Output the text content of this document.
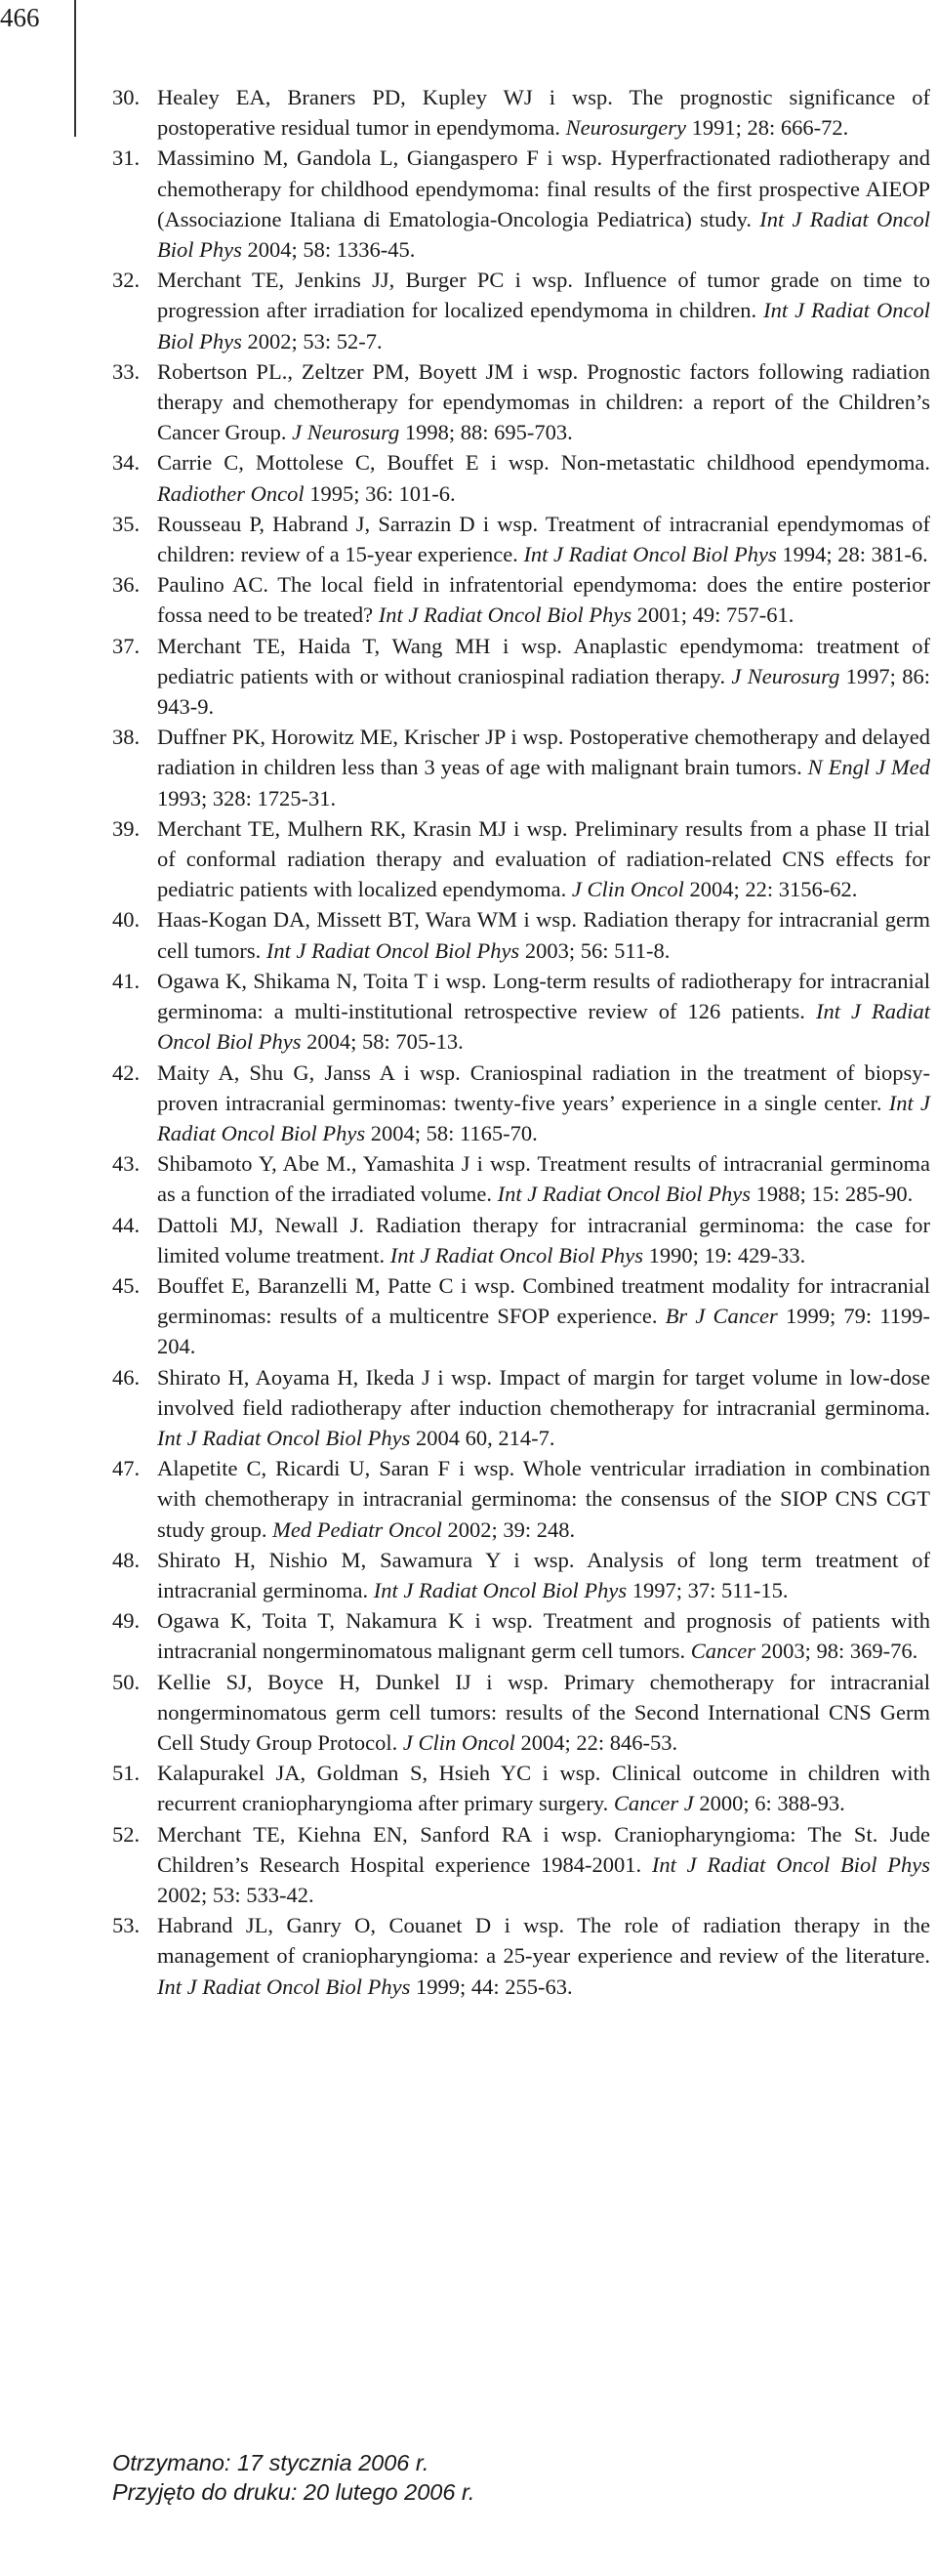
466
30. Healey EA, Braners PD, Kupley WJ i wsp. The prognostic significance of postoperative residual tumor in ependymoma. Neurosurgery 1991; 28: 666-72.
31. Massimino M, Gandola L, Giangaspero F i wsp. Hyperfractionated radiotherapy and chemotherapy for childhood ependymoma: final results of the first prospective AIEOP (Associazione Italiana di Ematologia-Oncologia Pediatrica) study. Int J Radiat Oncol Biol Phys 2004; 58: 1336-45.
32. Merchant TE, Jenkins JJ, Burger PC i wsp. Influence of tumor grade on time to progression after irradiation for localized ependymoma in children. Int J Radiat Oncol Biol Phys 2002; 53: 52-7.
33. Robertson PL., Zeltzer PM, Boyett JM i wsp. Prognostic factors following radiation therapy and chemotherapy for ependymomas in children: a report of the Children’s Cancer Group. J Neurosurg 1998; 88: 695-703.
34. Carrie C, Mottolese C, Bouffet E i wsp. Non-metastatic childhood ependymoma. Radiother Oncol 1995; 36: 101-6.
35. Rousseau P, Habrand J, Sarrazin D i wsp. Treatment of intracranial ependymomas of children: review of a 15-year experience. Int J Radiat Oncol Biol Phys 1994; 28: 381-6.
36. Paulino AC. The local field in infratentorial ependymoma: does the entire posterior fossa need to be treated? Int J Radiat Oncol Biol Phys 2001; 49: 757-61.
37. Merchant TE, Haida T, Wang MH i wsp. Anaplastic ependymoma: treatment of pediatric patients with or without craniospinal radiation therapy. J Neurosurg 1997; 86: 943-9.
38. Duffner PK, Horowitz ME, Krischer JP i wsp. Postoperative chemotherapy and delayed radiation in children less than 3 yeas of age with malignant brain tumors. N Engl J Med 1993; 328: 1725-31.
39. Merchant TE, Mulhern RK, Krasin MJ i wsp. Preliminary results from a phase II trial of conformal radiation therapy and evaluation of radiation-related CNS effects for pediatric patients with localized ependymoma. J Clin Oncol 2004; 22: 3156-62.
40. Haas-Kogan DA, Missett BT, Wara WM i wsp. Radiation therapy for intracranial germ cell tumors. Int J Radiat Oncol Biol Phys 2003; 56: 511-8.
41. Ogawa K, Shikama N, Toita T i wsp. Long-term results of radiotherapy for intracranial germinoma: a multi-institutional retrospective review of 126 patients. Int J Radiat Oncol Biol Phys 2004; 58: 705-13.
42. Maity A, Shu G, Janss A i wsp. Craniospinal radiation in the treatment of biopsy-proven intracranial germinomas: twenty-five years’ experience in a single center. Int J Radiat Oncol Biol Phys 2004; 58: 1165-70.
43. Shibamoto Y, Abe M., Yamashita J i wsp. Treatment results of intracranial germinoma as a function of the irradiated volume. Int J Radiat Oncol Biol Phys 1988; 15: 285-90.
44. Dattoli MJ, Newall J. Radiation therapy for intracranial germinoma: the case for limited volume treatment. Int J Radiat Oncol Biol Phys 1990; 19: 429-33.
45. Bouffet E, Baranzelli M, Patte C i wsp. Combined treatment modality for intracranial germinomas: results of a multicentre SFOP experience. Br J Cancer 1999; 79: 1199-204.
46. Shirato H, Aoyama H, Ikeda J i wsp. Impact of margin for target volume in low-dose involved field radiotherapy after induction chemotherapy for intracranial germinoma. Int J Radiat Oncol Biol Phys 2004 60, 214-7.
47. Alapetite C, Ricardi U, Saran F i wsp. Whole ventricular irradiation in combination with chemotherapy in intracranial germinoma: the consensus of the SIOP CNS CGT study group. Med Pediatr Oncol 2002; 39: 248.
48. Shirato H, Nishio M, Sawamura Y i wsp. Analysis of long term treatment of intracranial germinoma. Int J Radiat Oncol Biol Phys 1997; 37: 511-15.
49. Ogawa K, Toita T, Nakamura K i wsp. Treatment and prognosis of patients with intracranial nongerminomatous malignant germ cell tumors. Cancer 2003; 98: 369-76.
50. Kellie SJ, Boyce H, Dunkel IJ i wsp. Primary chemotherapy for intracranial nongerminomatous germ cell tumors: results of the Second International CNS Germ Cell Study Group Protocol. J Clin Oncol 2004; 22: 846-53.
51. Kalapurakel JA, Goldman S, Hsieh YC i wsp. Clinical outcome in children with recurrent craniopharyngioma after primary surgery. Cancer J 2000; 6: 388-93.
52. Merchant TE, Kiehna EN, Sanford RA i wsp. Craniopharyngioma: The St. Jude Children’s Research Hospital experience 1984-2001. Int J Radiat Oncol Biol Phys 2002; 53: 533-42.
53. Habrand JL, Ganry O, Couanet D i wsp. The role of radiation therapy in the management of craniopharyngioma: a 25-year experience and review of the literature. Int J Radiat Oncol Biol Phys 1999; 44: 255-63.
Otrzymano: 17 stycznia 2006 r.
Przyjęto do druku: 20 lutego 2006 r.
